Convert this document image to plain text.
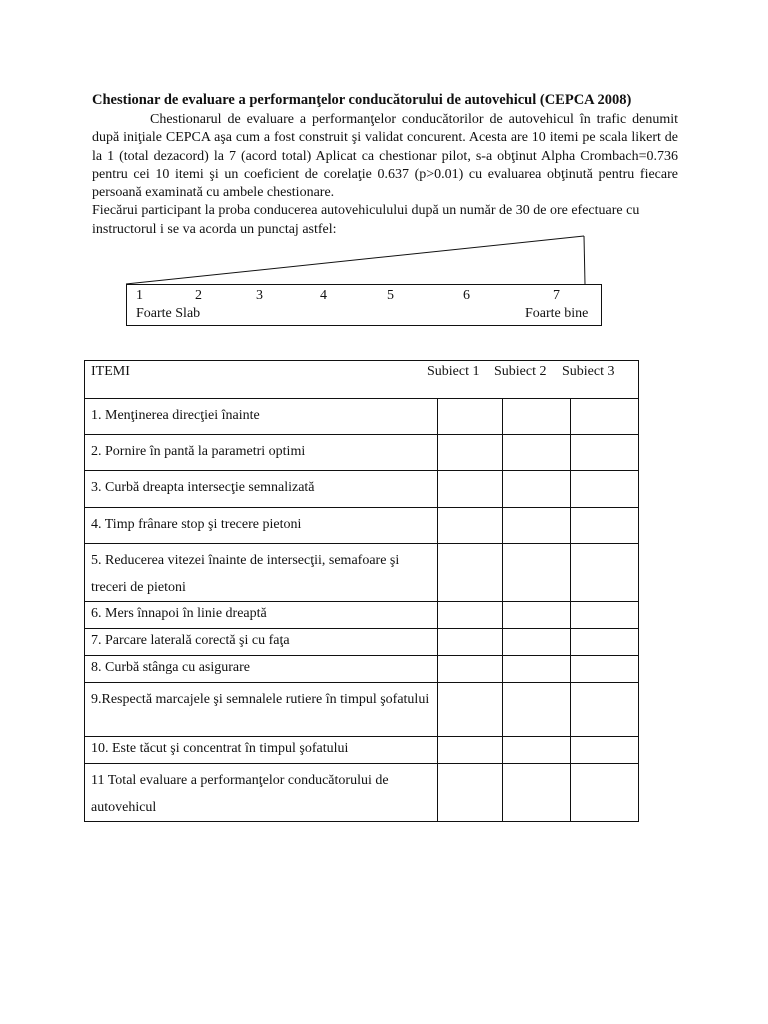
Chestionar de evaluare a performanţelor conducătorului de autovehicul (CEPCA 2008)

Chestionarul de evaluare a performanţelor conducătorilor de autovehicul în trafic denumit după iniţiale CEPCA aşa cum a fost construit şi validat concurent. Acesta are 10 itemi pe scala likert de la 1 (total dezacord) la 7 (acord total) Aplicat ca chestionar pilot, s-a obţinut Alpha Crombach=0.736 pentru cei 10 itemi şi un coeficient de corelaţie 0.637 (p>0.01) cu evaluarea obţinută pentru fiecare persoană examinată cu ambele chestionare.

Fiecărui participant la proba conducerea autovehiculului după un număr de 30 de ore efectuare cu instructorul i se va acorda un punctaj astfel:

1	2	3	4	5	6	7
Foarte Slab	Foarte bine
ITEMI Subiect 1 Subiect 2 Subiect 3			

1. Menţinerea direcţiei înainte			
2. Pornire în pantă la parametri optimi			
3. Curbă dreapta intersecţie semnalizată			
4. Timp frânare stop şi trecere pietoni			
5. Reducerea vitezei înainte de intersecţii, semafoare şi treceri de pietoni			
6. Mers înnapoi în linie dreaptă			
7. Parcare laterală corectă şi cu faţa			
8. Curbă stânga cu asigurare			
9.Respectă marcajele şi semnalele rutiere în timpul şofatului			
10. Este tăcut şi concentrat în timpul şofatului			
11 Total evaluare a performanţelor conducătorului de autovehicul			
